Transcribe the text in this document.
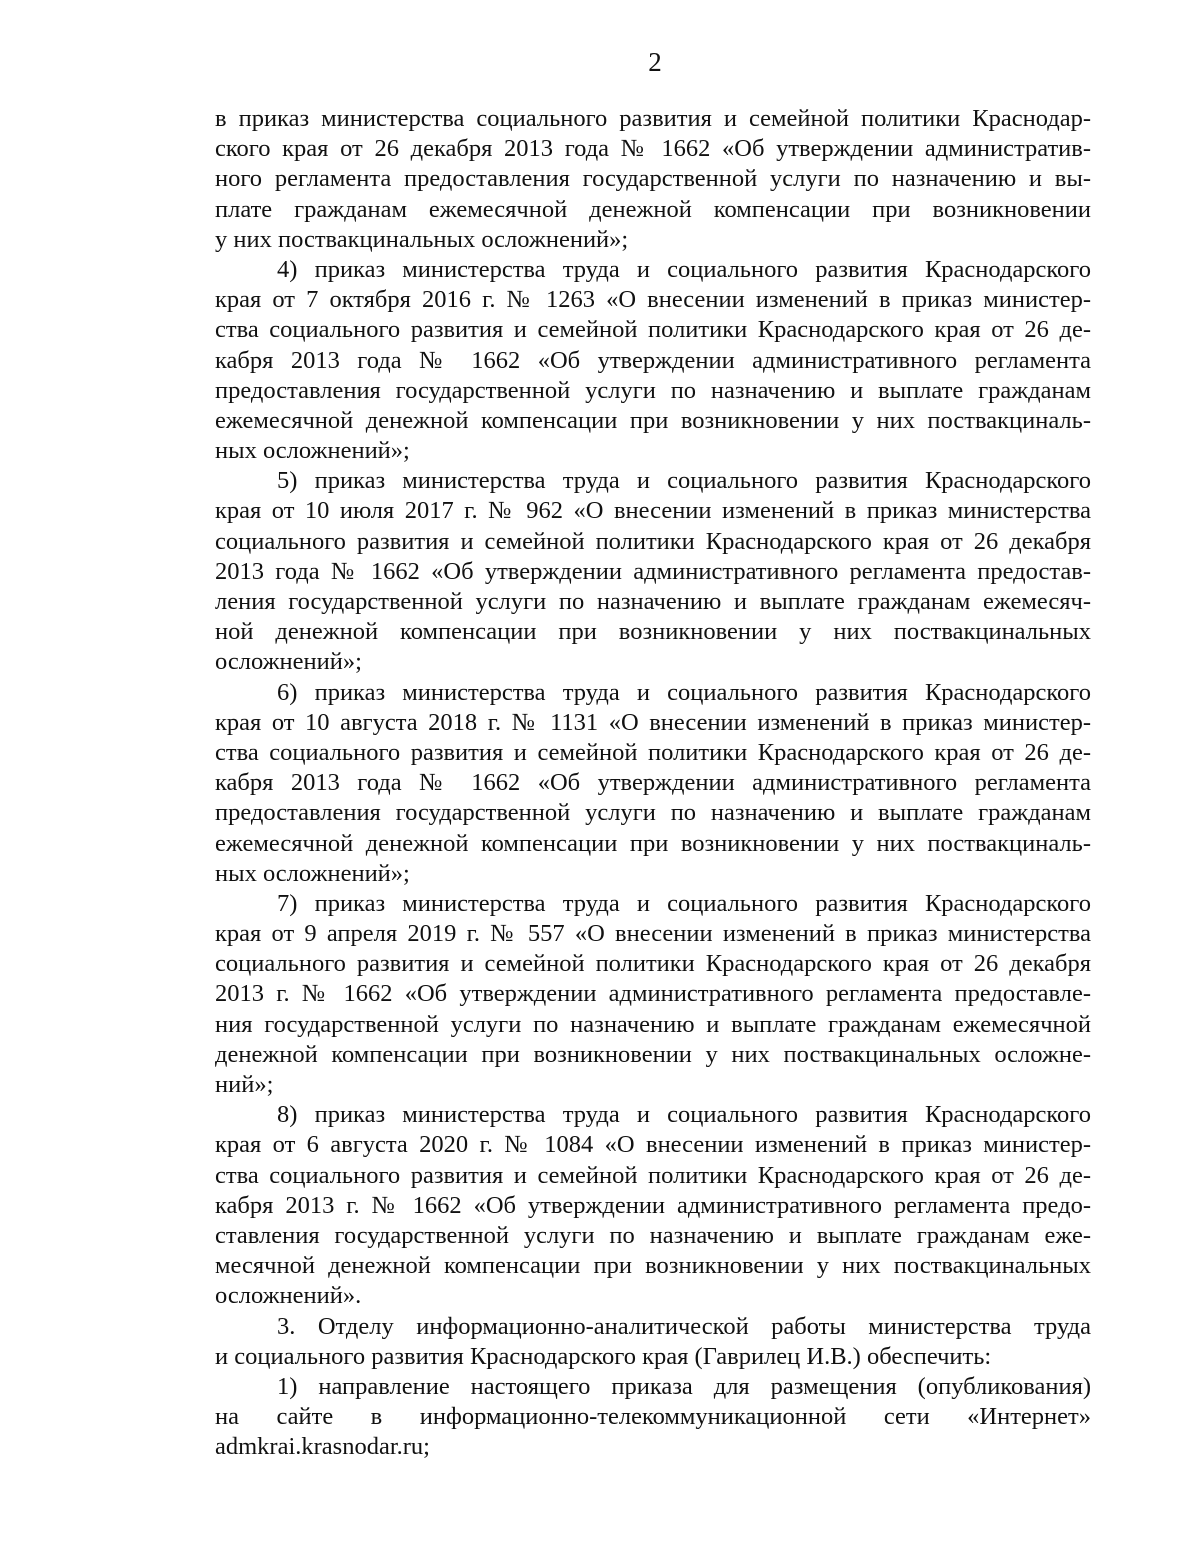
2
в приказ министерства социального развития и семейной политики Краснодар-
ского края от 26 декабря 2013 года № 1662 «Об утверждении административ-
ного регламента предоставления государственной услуги по назначению и вы-
плате гражданам ежемесячной денежной компенсации при возникновении
у них поствакцинальных осложнений»;
4) приказ министерства труда и социального развития Краснодарского
края от 7 октября 2016 г. № 1263 «О внесении изменений в приказ министер-
ства социального развития и семейной политики Краснодарского края от 26 де-
кабря 2013 года № 1662 «Об утверждении административного регламента
предоставления государственной услуги по назначению и выплате гражданам
ежемесячной денежной компенсации при возникновении у них поствакциналь-
ных осложнений»;
5) приказ министерства труда и социального развития Краснодарского
края от 10 июля 2017 г. № 962 «О внесении изменений в приказ министерства
социального развития и семейной политики Краснодарского края от 26 декабря
2013 года № 1662 «Об утверждении административного регламента предостав-
ления государственной услуги по назначению и выплате гражданам ежемесяч-
ной денежной компенсации при возникновении у них поствакцинальных
осложнений»;
6) приказ министерства труда и социального развития Краснодарского
края от 10 августа 2018 г. № 1131 «О внесении изменений в приказ министер-
ства социального развития и семейной политики Краснодарского края от 26 де-
кабря 2013 года № 1662 «Об утверждении административного регламента
предоставления государственной услуги по назначению и выплате гражданам
ежемесячной денежной компенсации при возникновении у них поствакциналь-
ных осложнений»;
7) приказ министерства труда и социального развития Краснодарского
края от 9 апреля 2019 г. № 557 «О внесении изменений в приказ министерства
социального развития и семейной политики Краснодарского края от 26 декабря
2013 г. № 1662 «Об утверждении административного регламента предоставле-
ния государственной услуги по назначению и выплате гражданам ежемесячной
денежной компенсации при возникновении у них поствакцинальных осложне-
ний»;
8) приказ министерства труда и социального развития Краснодарского
края от 6 августа 2020 г. № 1084 «О внесении изменений в приказ министер-
ства социального развития и семейной политики Краснодарского края от 26 де-
кабря 2013 г. № 1662 «Об утверждении административного регламента предо-
ставления государственной услуги по назначению и выплате гражданам еже-
месячной денежной компенсации при возникновении у них поствакцинальных
осложнений».
3. Отделу информационно-аналитической работы министерства труда
и социального развития Краснодарского края (Гаврилец И.В.) обеспечить:
1) направление настоящего приказа для размещения (опубликования)
на сайте в информационно-телекоммуникационной сети «Интернет»
admkrai.krasnodar.ru;
